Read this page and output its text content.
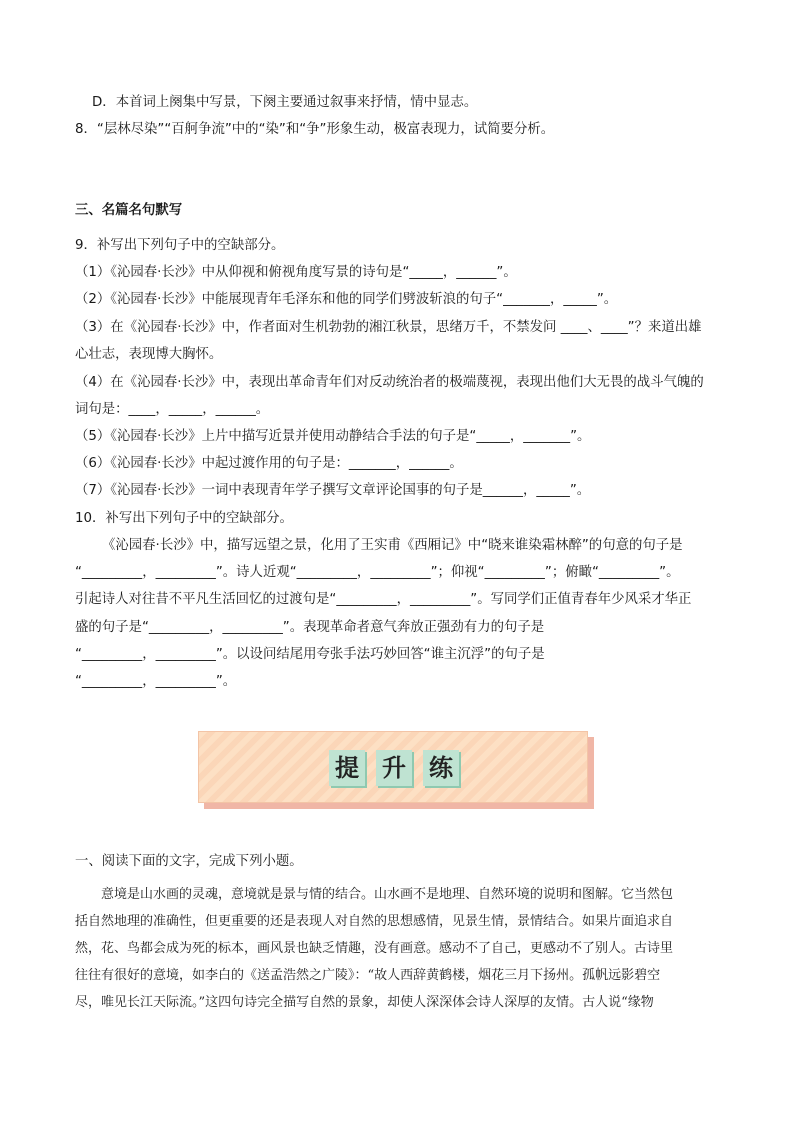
D．本首词上阕集中写景，下阕主要通过叙事来抒情，情中显志。
8．“层林尽染”“百舸争流”中的“染”和“争”形象生动，极富表现力，试简要分析。
三、名篇名句默写
9．补写出下列句子中的空缺部分。
（1）《沁园春·长沙》中从仰视和俯视角度写景的诗句是“_____，______”。
（2）《沁园春·长沙》中能展现青年毛泽东和他的同学们劈波斩浪的句子“_______，_____”。
（3）在《沁园春·长沙》中，作者面对生机勃勃的湘江秋景，思绪万千，不禁发问 ____、____”？来道出雄
心壮志，表现博大胸怀。
（4）在《沁园春·长沙》中，表现出革命青年们对反动统治者的极端蔑视，表现出他们大无畏的战斗气魄的
词句是：____，_____，______。
（5）《沁园春·长沙》上片中描写近景并使用动静结合手法的句子是“_____，_______”。
（6）《沁园春·长沙》中起过渡作用的句子是：_______，______。
（7）《沁园春·长沙》一词中表现青年学子撰写文章评论国事的句子是______，_____”。
10．补写出下列句子中的空缺部分。
《沁园春·长沙》中，描写远望之景，化用了王实甫《西厢记》中“晓来谁染霜林醉”的句意的句子是
“_________，_________”。诗人近观“_________，_________”；仰视“_________”；俯瞰“_________”。
引起诗人对往昔不平凡生活回忆的过渡句是“_________，_________”。写同学们正值青春年少风采才华正
盛的句子是“_________，_________”。表现革命者意气奔放正强劲有力的句子是
“_________，_________”。以设问结尾用夸张手法巧妙回答“谁主沉浮”的句子是
“_________，_________”。
提 升 练
一、阅读下面的文字，完成下列小题。
意境是山水画的灵魂，意境就是景与情的结合。山水画不是地理、自然环境的说明和图解。它当然包
括自然地理的准确性，但更重要的还是表现人对自然的思想感情，见景生情，景情结合。如果片面追求自
然，花、鸟都会成为死的标本，画风景也缺乏情趣，没有画意。感动不了自己，更感动不了别人。古诗里
往往有很好的意境，如李白的《送孟浩然之广陵》：“故人西辞黄鹤楼，烟花三月下扬州。孤帆远影碧空
尽，唯见长江天际流。”这四句诗完全描写自然的景象，却使人深深体会诗人深厚的友情。古人说“缘物
